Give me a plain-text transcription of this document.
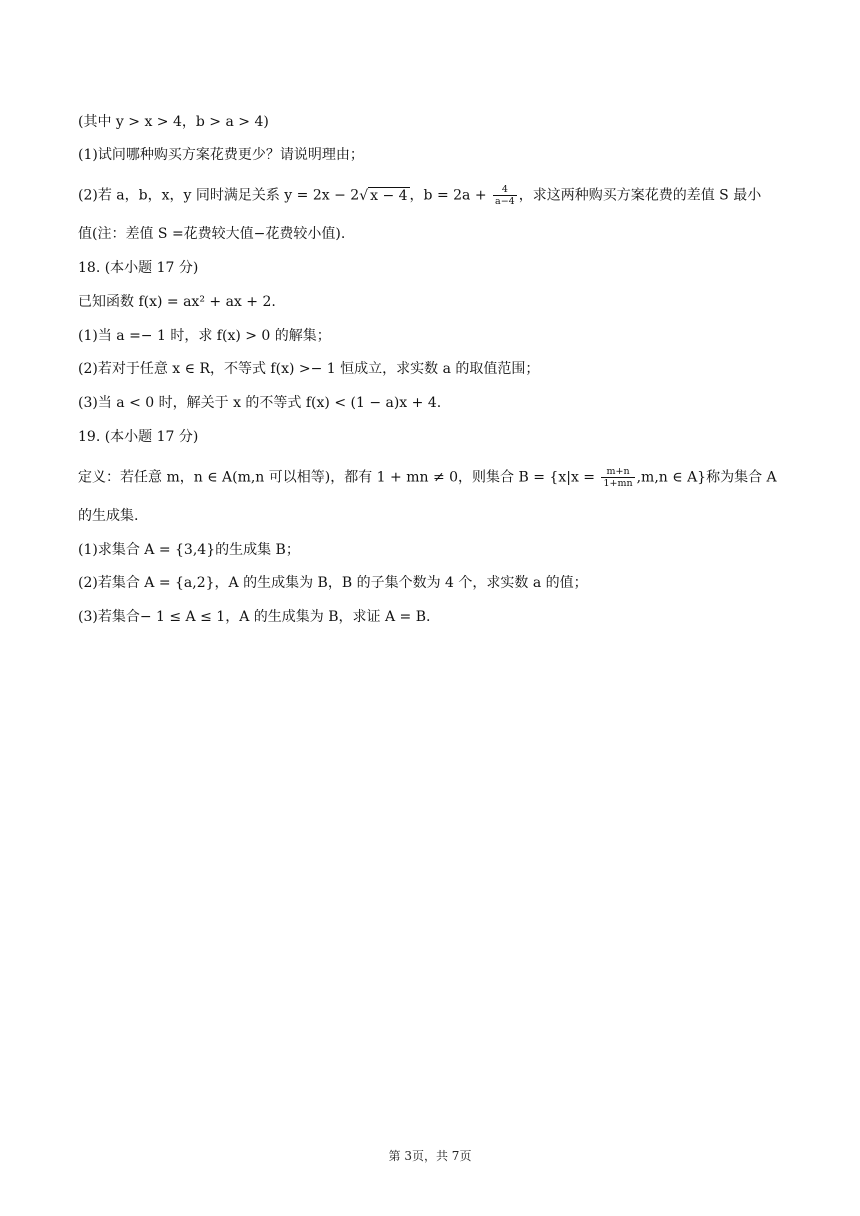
(其中 y > x > 4，b > a > 4)
(1)试问哪种购买方案花费更少？请说明理由；
(2)若 a，b，x，y 同时满足关系 y = 2x − 2√ x − 4 ，$b = 2a + \frac{4}{a-4}$ ，求这两种购买方案花费的差值 S 最小
值(注：差值 S =花费较大值−花费较小值).
18. (本小题 17 分)
已知函数 f(x) = ax² + ax + 2.
(1)当 a =− 1 时，求 f(x) > 0 的解集；
(2)若对于任意 x ∈ R，不等式 f(x) >− 1 恒成立，求实数 a 的取值范围；
(3)当 a < 0 时，解关于 x 的不等式 f(x) < (1 − a)x + 4.
19. (本小题 17 分)
定义：若任意 m，n ∈ A(m,n 可以相等)，都有 1 + mn ≠ 0，则集合 $B = \{x|x = \frac{m+n}{1+mn} ,m,n$ ∈ A}称为集合 A
的生成集.
(1)求集合 A = {3,4}的生成集 B；
(2)若集合 A = {a,2}，A 的生成集为 B，B 的子集个数为 4 个，求实数 a 的值；
(3)若集合− 1 ≤ A ≤ 1，A 的生成集为 B，求证 A = B.
第 3页，共 7页
